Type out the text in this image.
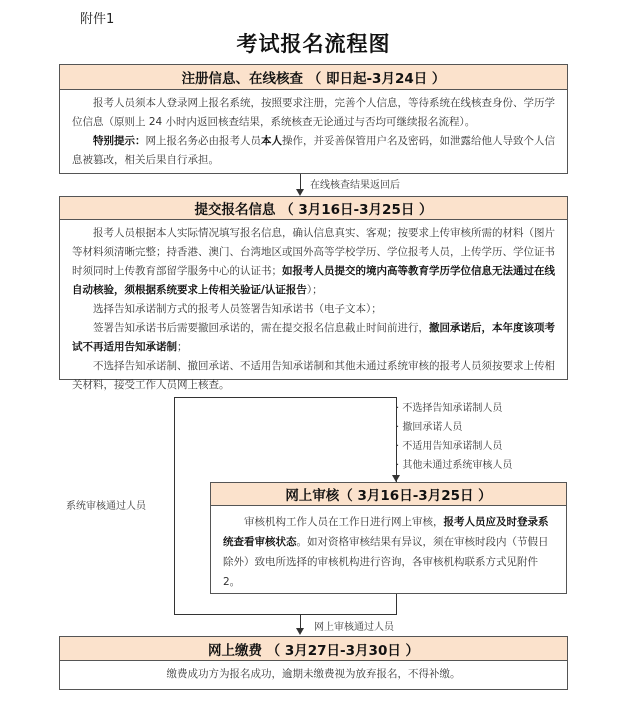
附件1
考试报名流程图
注册信息、在线核查 （ 即日起-3月24日 ）

报考人员须本人登录网上报名系统，按照要求注册，完善个人信息，等待系统在线核查身份、学历学位信息（原则上 24 小时内返回核查结果，系统核查无论通过与否均可继续报名流程）。

特别提示：网上报名务必由报考人员本人操作，并妥善保管用户名及密码，如泄露给他人导致个人信息被篡改，相关后果自行承担。

在线核查结果返回后
提交报名信息 （ 3月16日-3月25日 ）

报考人员根据本人实际情况填写报名信息，确认信息真实、客观；按要求上传审核所需的材料（图片等材料须清晰完整；持香港、澳门、台湾地区或国外高等学校学历、学位报考人员，上传学历、学位证书时须同时上传教育部留学服务中心的认证书；如报考人员提交的境内高等教育学历学位信息无法通过在线自动核验，须根据系统要求上传相关验证/认证报告）；

选择告知承诺制方式的报考人员签署告知承诺书（电子文本）；

签署告知承诺书后需要撤回承诺的，需在提交报名信息截止时间前进行，撤回承诺后，本年度该项考试不再适用告知承诺制；

不选择告知承诺制、撤回承诺、不适用告知承诺制和其他未通过系统审核的报考人员须按要求上传相关材料，接受工作人员网上核查。

· 不选择告知承诺制人员
· 撤回承诺人员
· 不适用告知承诺制人员
· 其他未通过系统审核人员
系统审核通过人员
网上审核（ 3月16日-3月25日 ）

审核机构工作人员在工作日进行网上审核，报考人员应及时登录系统查看审核状态。如对资格审核结果有异议，须在审核时段内（节假日除外）致电所选择的审核机构进行咨询，各审核机构联系方式见附件 2。

网上审核通过人员
网上缴费 （ 3月27日-3月30日 ）

缴费成功方为报名成功，逾期未缴费视为放弃报名，不得补缴。
